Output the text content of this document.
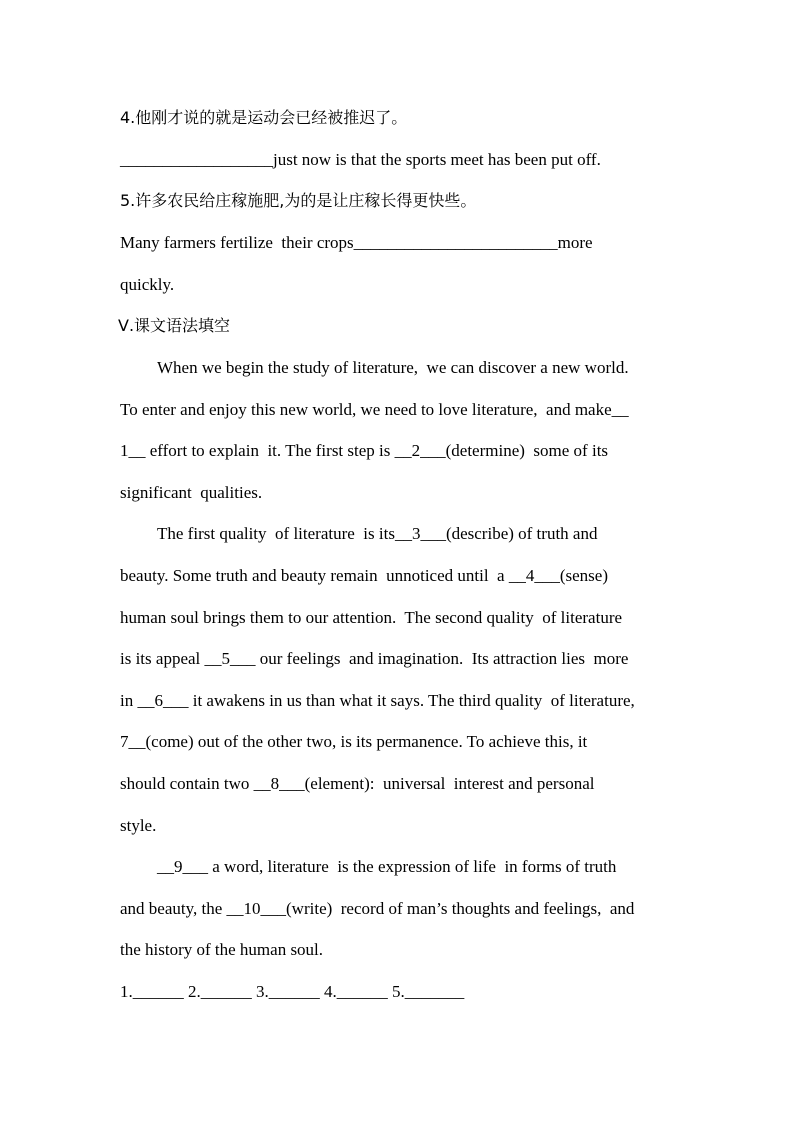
4.他刚才说的就是运动会已经被推迟了。
__________________just now is that the sports meet has been put off.
5.许多农民给庄稼施肥,为的是让庄稼长得更快些。
Many farmers fertilize  their crops________________________more
quickly.
Ⅴ.课文语法填空
When we begin the study of literature,  we can discover a new world.
To enter and enjoy this new world, we need to love literature,  and make__
1__ effort to explain  it. The first step is __2___(determine)  some of its
significant  qualities.
The first quality  of literature  is its__3___(describe) of truth and
beauty. Some truth and beauty remain  unnoticed until  a __4___(sense)
human soul brings them to our attention.  The second quality  of literature
is its appeal __5___ our feelings  and imagination.  Its attraction lies  more
in __6___ it awakens in us than what it says. The third quality  of literature,
7__(come) out of the other two, is its permanence. To achieve this, it
should contain two __8___(element):  universal  interest and personal
style.
__9___ a word, literature  is the expression of life  in forms of truth
and beauty, the __10___(write)  record of man’s thoughts and feelings,  and
the history of the human soul.
1.______ 2.______ 3.______ 4.______ 5._______
